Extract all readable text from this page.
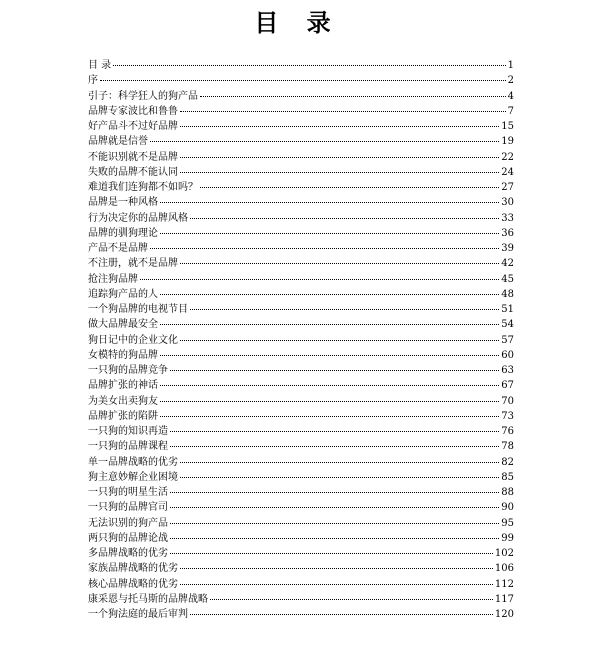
目 录
目 录	1
序	2
引子：科学狂人的狗产品	4
品牌专家波比和鲁鲁	7
好产品斗不过好品牌	15
品牌就是信誉	19
不能识别就不是品牌	22
失败的品牌不能认同	24
难道我们连狗都不如吗？	27
品牌是一种风格	30
行为决定你的品牌风格	33
品牌的驯狗理论	36
产品不是品牌	39
不注册，就不是品牌	42
抢注狗品牌	45
追踪狗产品的人	48
一个狗品牌的电视节目	51
做大品牌最安全	54
狗日记中的企业文化	57
女模特的狗品牌	60
一只狗的品牌竞争	63
品牌扩张的神话	67
为美女出卖狗友	70
品牌扩张的陷阱	73
一只狗的知识再造	76
一只狗的品牌课程	78
单一品牌战略的优劣	82
狗主意妙解企业困境	85
一只狗的明星生活	88
一只狗的品牌官司	90
无法识别的狗产品	95
两只狗的品牌论战	99
多品牌战略的优劣	102
家族品牌战略的优劣	106
核心品牌战略的优劣	112
康采恩与托马斯的品牌战略	117
一个狗法庭的最后审判	120
